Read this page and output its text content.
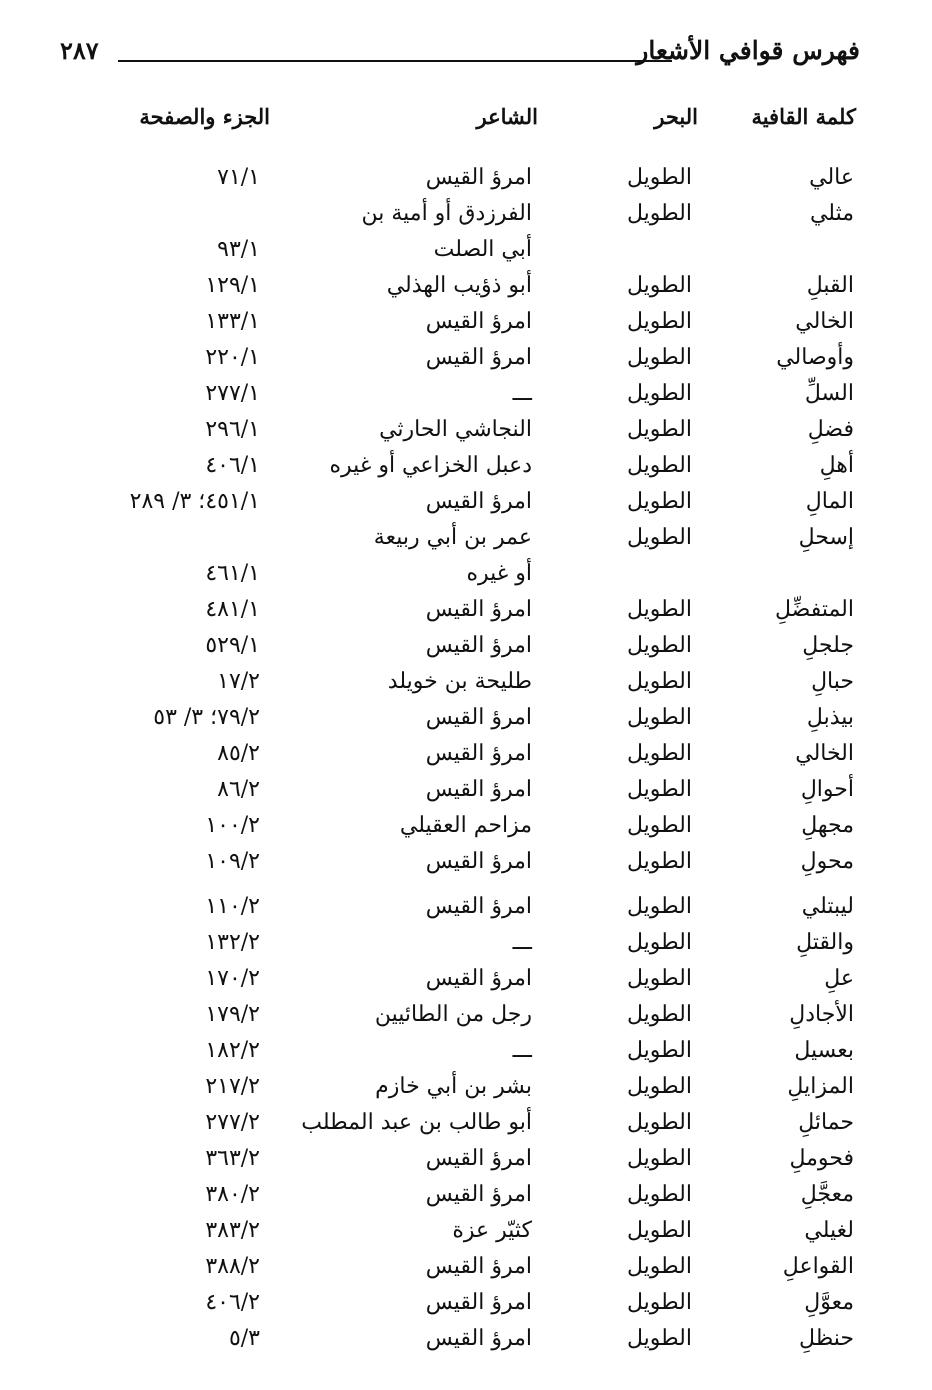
فهرس قوافي الأشعار
٢٨٧
كلمة القافية
البحر
الشاعر
الجزء والصفحة
عالي
الطويل
امرؤ القيس
٧١/١
مثلي
الطويل
الفرزدق أو أمية بن
أبي الصلت
٩٣/١
القبلِ
الطويل
أبو ذؤيب الهذلي
١٢٩/١
الخالي
الطويل
امرؤ القيس
١٣٣/١
وأوصالي
الطويل
امرؤ القيس
٢٢٠/١
السلِّ
الطويل
ـــ
٢٧٧/١
فضلِ
الطويل
النجاشي الحارثي
٢٩٦/١
أهلِ
الطويل
دعبل الخزاعي أو غيره
٤٠٦/١
المالِ
الطويل
امرؤ القيس
٤٥١/١؛ ٣/ ٢٨٩
إسحلِ
الطويل
عمر بن أبي ربيعة
أو غيره
٤٦١/١
المتفضِّلِ
الطويل
امرؤ القيس
٤٨١/١
جلجلِ
الطويل
امرؤ القيس
٥٢٩/١
حبالِ
الطويل
طليحة بن خويلد
١٧/٢
بيذبلِ
الطويل
امرؤ القيس
٧٩/٢؛ ٣/ ٥٣
الخالي
الطويل
امرؤ القيس
٨٥/٢
أحوالِ
الطويل
امرؤ القيس
٨٦/٢
مجهلِ
الطويل
مزاحم العقيلي
١٠٠/٢
محولِ
الطويل
امرؤ القيس
١٠٩/٢
ليبتلي
الطويل
امرؤ القيس
١١٠/٢
والقتلِ
الطويل
ـــ
١٣٢/٢
علِ
الطويل
امرؤ القيس
١٧٠/٢
الأجادلِ
الطويل
رجل من الطائيين
١٧٩/٢
بعسيل
الطويل
ـــ
١٨٢/٢
المزايلِ
الطويل
بشر بن أبي خازم
٢١٧/٢
حمائلِ
الطويل
أبو طالب بن عبد المطلب
٢٧٧/٢
فحوملِ
الطويل
امرؤ القيس
٣٦٣/٢
معجَّلِ
الطويل
امرؤ القيس
٣٨٠/٢
لغيلي
الطويل
كثيّر عزة
٣٨٣/٢
القواعلِ
الطويل
امرؤ القيس
٣٨٨/٢
معوَّلِ
الطويل
امرؤ القيس
٤٠٦/٢
حنظلِ
الطويل
امرؤ القيس
٥/٣
